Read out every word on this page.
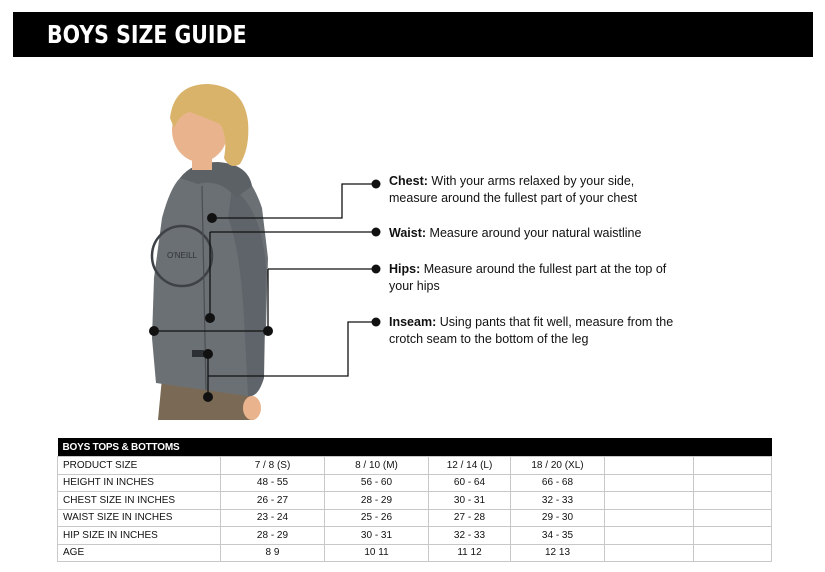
BOYS SIZE GUIDE
O'NEILL
Chest: With your arms relaxed by your side, measure around the fullest part of your chest
Waist: Measure around your natural waistline
Hips: Measure around the fullest part at the top of your hips
Inseam: Using pants that fit well, measure from the crotch seam to the bottom of the leg
BOYS TOPS & BOTTOMS						
PRODUCT SIZE	7 / 8 (S)	8 / 10 (M)	12 / 14 (L)	18 / 20 (XL)		
HEIGHT IN INCHES	48 - 55	56 - 60	60 - 64	66 - 68		
CHEST SIZE IN INCHES	26 - 27	28 - 29	30 - 31	32 - 33		
WAIST SIZE IN INCHES	23 - 24	25 - 26	27 - 28	29 - 30		
HIP SIZE IN INCHES	28 - 29	30 - 31	32 - 33	34 - 35		
AGE	8 9	10 11	11 12	12 13		
